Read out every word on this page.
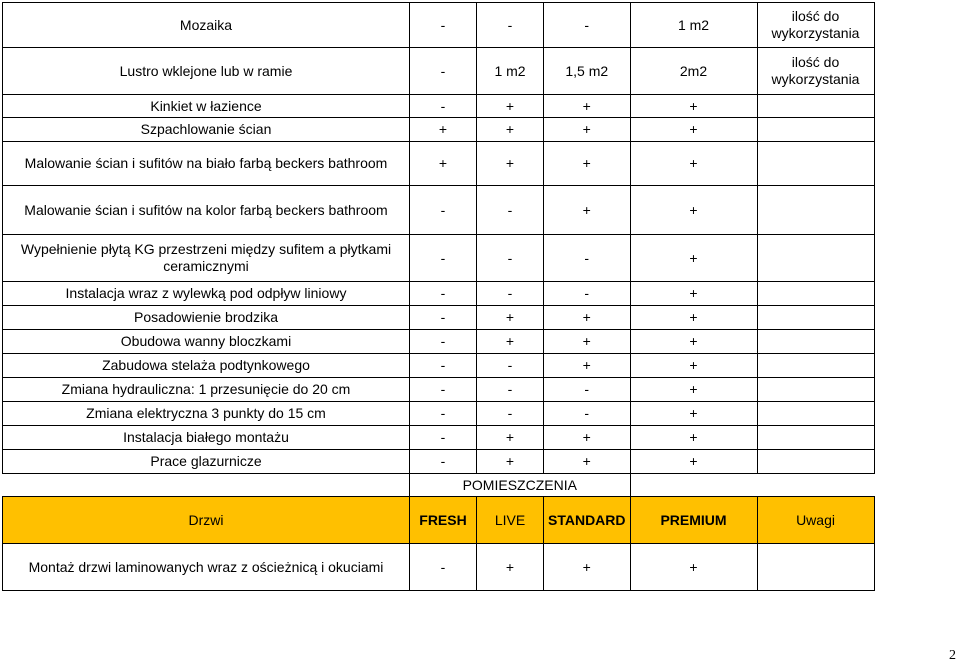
Mozaika	-	-	-	1 m2	ilość do wykorzystania
Lustro wklejone lub w ramie	-	1 m2	1,5 m2	2m2	ilość do wykorzystania
Kinkiet w łazience	-	+	+	+	
Szpachlowanie ścian	+	+	+	+	
Malowanie ścian i sufitów na biało farbą beckers bathroom	+	+	+	+	
Malowanie ścian i sufitów na kolor farbą beckers bathroom	-	-	+	+	
Wypełnienie płytą KG przestrzeni między sufitem a płytkami ceramicznymi	-	-	-	+	
Instalacja wraz z wylewką pod odpływ liniowy	-	-	-	+	
Posadowienie brodzika	-	+	+	+	
Obudowa wanny bloczkami	-	+	+	+	
Zabudowa stelaża podtynkowego	-	-	+	+	
Zmiana hydrauliczna: 1 przesunięcie do 20 cm	-	-	-	+	
Zmiana elektryczna 3 punkty do 15 cm	-	-	-	+	
Instalacja białego montażu	-	+	+	+	
Prace glazurnicze	-	+	+	+	
	POMIESZCZENIA				
Drzwi	FRESH	LIVE	STANDARD	PREMIUM	Uwagi
Montaż drzwi laminowanych wraz z ościeżnicą i okuciami	-	+	+	+	
2
